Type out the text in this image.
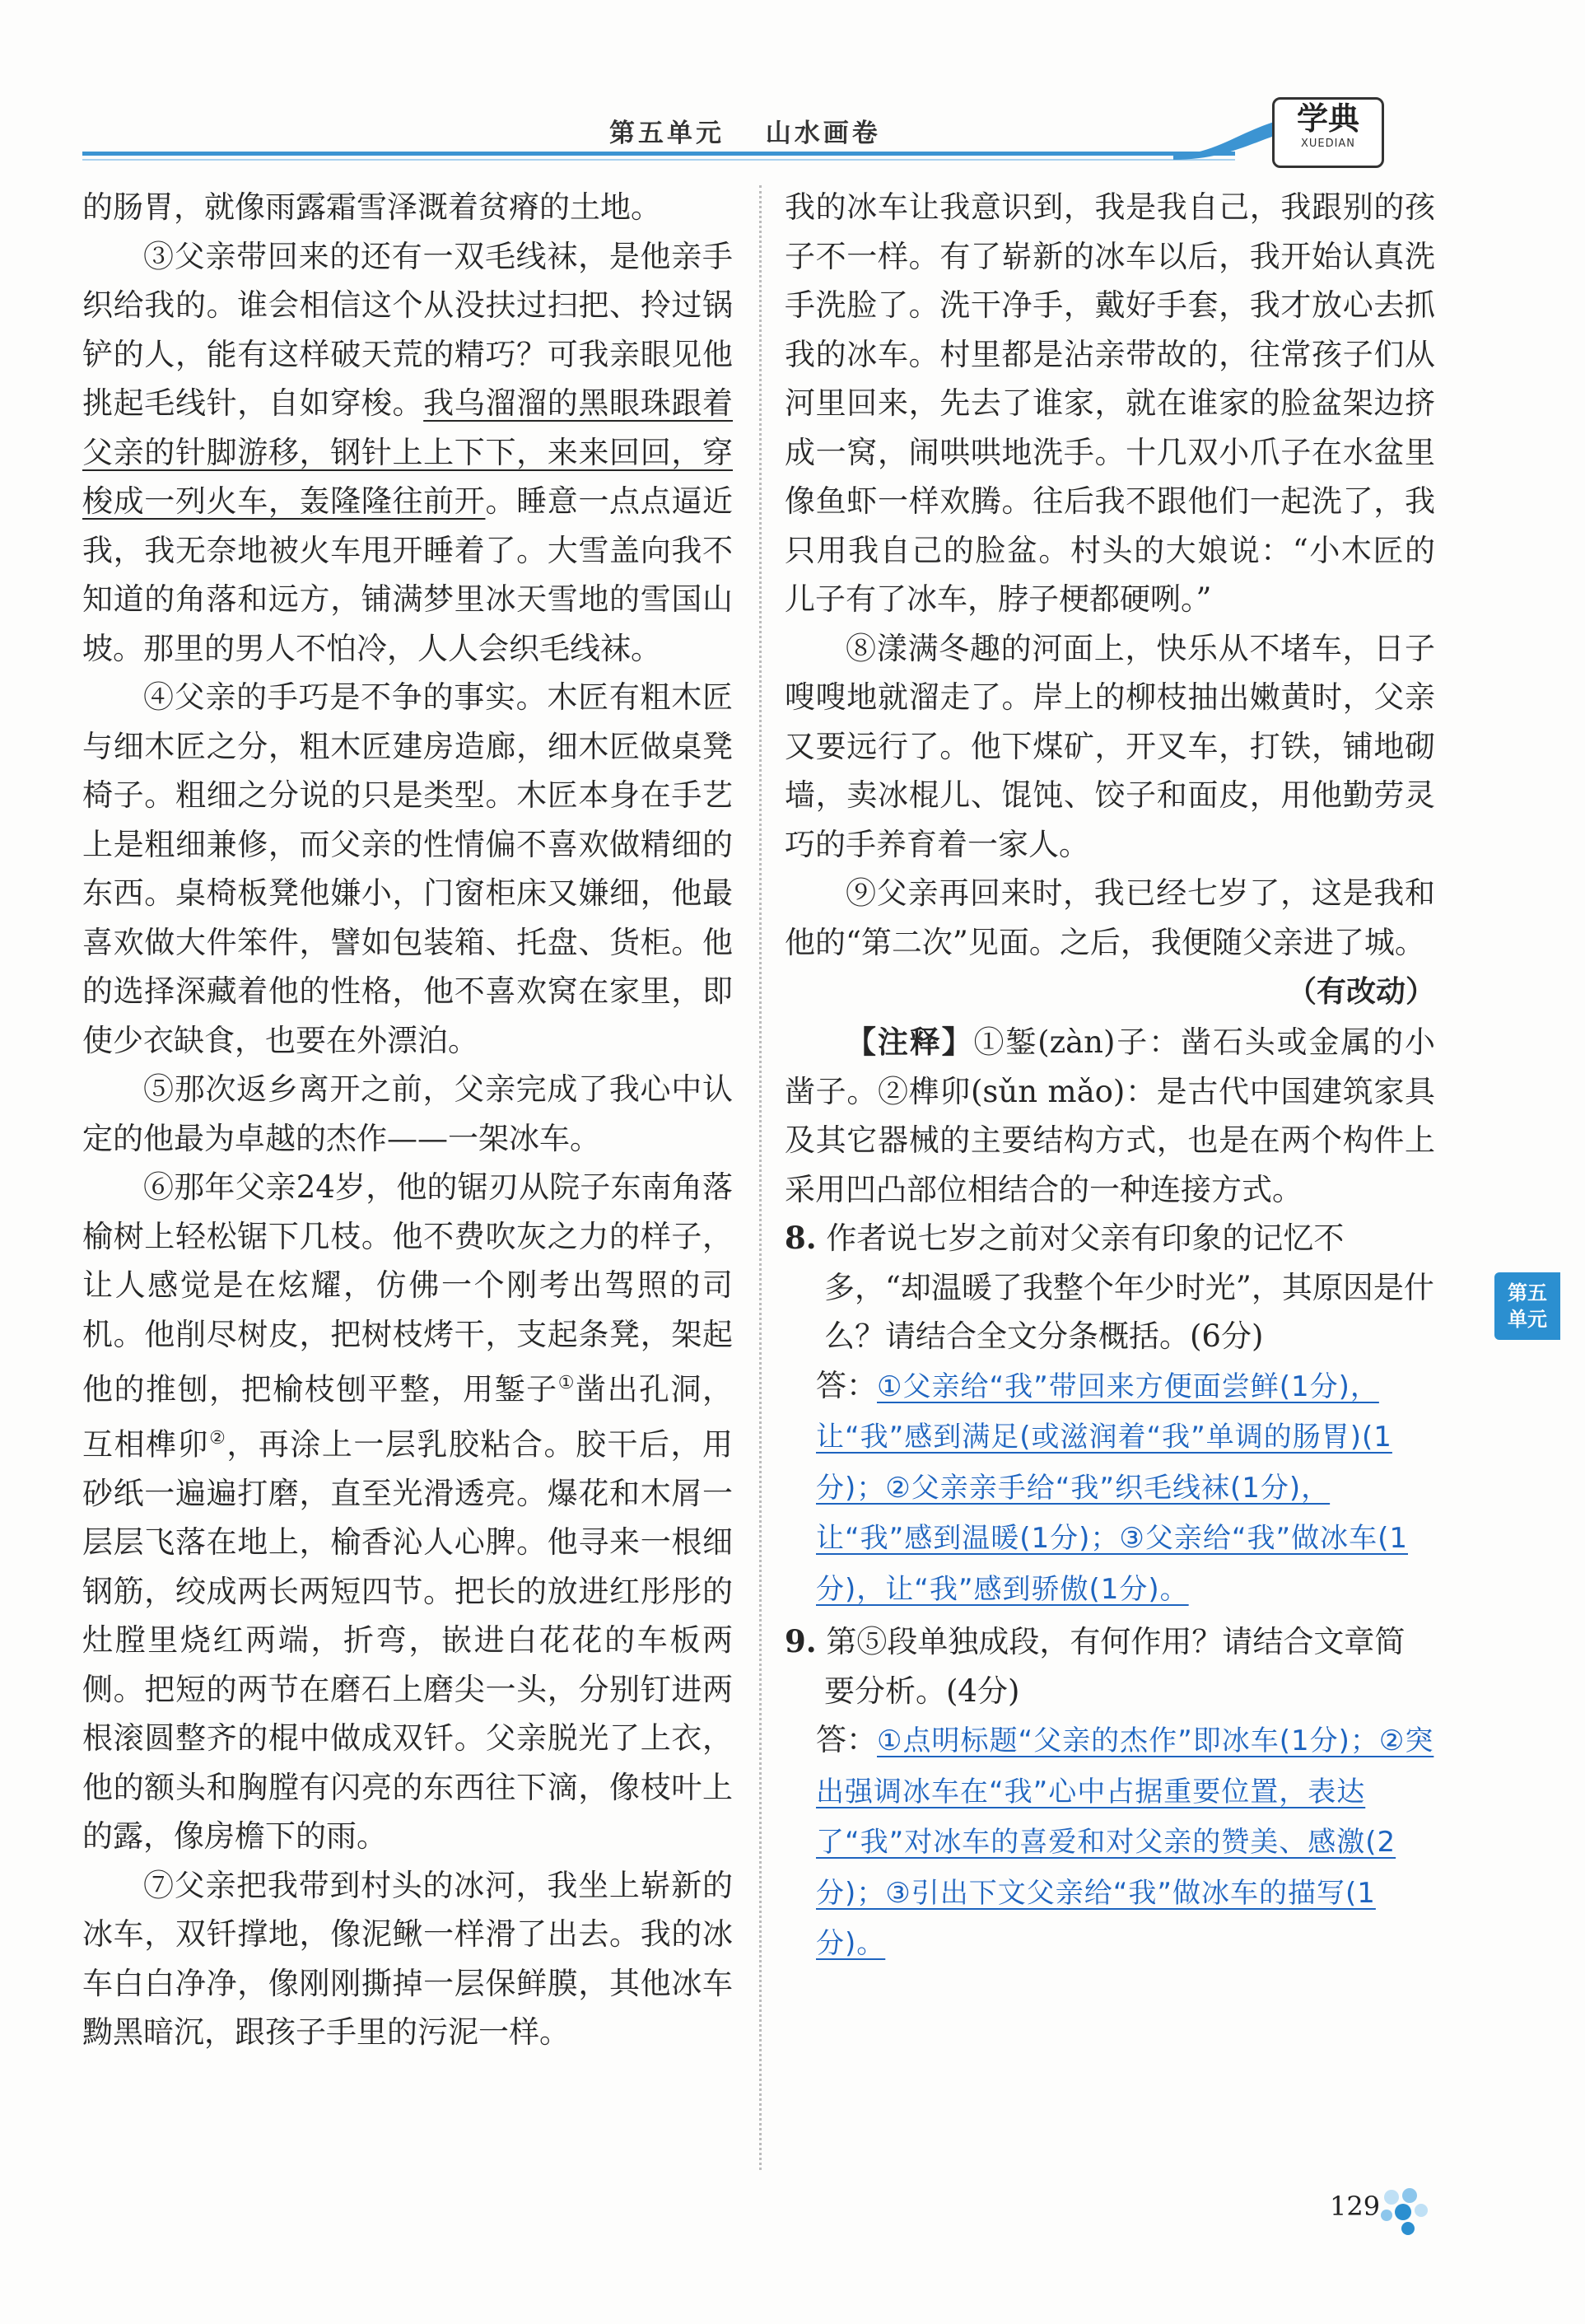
第五单元　 山水画卷	学典
XUEDIAN

的肠胃，就像雨露霜雪泽溉着贫瘠的土地。

③父亲带回来的还有一双毛线袜，是他亲手织给我的。谁会相信这个从没扶过扫把、拎过锅铲的人，能有这样破天荒的精巧？可我亲眼见他挑起毛线针，自如穿梭。我乌溜溜的黑眼珠跟着父亲的针脚游移，钢针上上下下，来来回回，穿梭成一列火车，轰隆隆往前开。睡意一点点逼近我，我无奈地被火车甩开睡着了。大雪盖向我不知道的角落和远方，铺满梦里冰天雪地的雪国山坡。那里的男人不怕冷，人人会织毛线袜。

④父亲的手巧是不争的事实。木匠有粗木匠与细木匠之分，粗木匠建房造廊，细木匠做桌凳椅子。粗细之分说的只是类型。木匠本身在手艺上是粗细兼修，而父亲的性情偏不喜欢做精细的东西。桌椅板凳他嫌小，门窗柜床又嫌细，他最喜欢做大件笨件，譬如包装箱、托盘、货柜。他的选择深藏着他的性格，他不喜欢窝在家里，即使少衣缺食，也要在外漂泊。

⑤那次返乡离开之前，父亲完成了我心中认定的他最为卓越的杰作——一架冰车。

⑥那年父亲24岁，他的锯刃从院子东南角落榆树上轻松锯下几枝。他不费吹灰之力的样子，让人感觉是在炫耀，仿佛一个刚考出驾照的司机。他削尽树皮，把树枝烤干，支起条凳，架起他的推刨，把榆枝刨平整，用錾子①凿出孔洞，互相榫卯②，再涂上一层乳胶粘合。胶干后，用砂纸一遍遍打磨，直至光滑透亮。爆花和木屑一层层飞落在地上，榆香沁人心脾。他寻来一根细钢筋，绞成两长两短四节。把长的放进红彤彤的灶膛里烧红两端，折弯，嵌进白花花的车板两侧。把短的两节在磨石上磨尖一头，分别钉进两根滚圆整齐的棍中做成双钎。父亲脱光了上衣，他的额头和胸膛有闪亮的东西往下滴，像枝叶上的露，像房檐下的雨。

⑦父亲把我带到村头的冰河，我坐上崭新的冰车，双钎撑地，像泥鳅一样滑了出去。我的冰车白白净净，像刚刚撕掉一层保鲜膜，其他冰车黝黑暗沉，跟孩子手里的污泥一样。

我的冰车让我意识到，我是我自己，我跟别的孩子不一样。有了崭新的冰车以后，我开始认真洗手洗脸了。洗干净手，戴好手套，我才放心去抓我的冰车。村里都是沾亲带故的，往常孩子们从河里回来，先去了谁家，就在谁家的脸盆架边挤成一窝，闹哄哄地洗手。十几双小爪子在水盆里像鱼虾一样欢腾。往后我不跟他们一起洗了，我只用我自己的脸盆。村头的大娘说：“小木匠的儿子有了冰车，脖子梗都硬咧。”

⑧漾满冬趣的河面上，快乐从不堵车，日子嗖嗖地就溜走了。岸上的柳枝抽出嫩黄时，父亲又要远行了。他下煤矿，开叉车，打铁，铺地砌墙，卖冰棍儿、馄饨、饺子和面皮，用他勤劳灵巧的手养育着一家人。

⑨父亲再回来时，我已经七岁了，这是我和他的“第二次”见面。之后，我便随父亲进了城。

（有改动）

【注释】①錾(zàn)子：凿石头或金属的小凿子。②榫卯(sǔn mǎo)：是古代中国建筑家具及其它器械的主要结构方式，也是在两个构件上采用凹凸部位相结合的一种连接方式。

8. 作者说七岁之前对父亲有印象的记忆不多，“却温暖了我整个年少时光”，其原因是什么？请结合全文分条概括。(6分)

答：①父亲给“我”带回来方便面尝鲜(1分)，让“我”感到满足(或滋润着“我”单调的肠胃)(1分)；②父亲亲手给“我”织毛线袜(1分)，让“我”感到温暖(1分)；③父亲给“我”做冰车(1分)，让“我”感到骄傲(1分)。

9. 第⑤段单独成段，有何作用？请结合文章简要分析。(4分)

答：①点明标题“父亲的杰作”即冰车(1分)；②突出强调冰车在“我”心中占据重要位置，表达了“我”对冰车的喜爱和对父亲的赞美、感激(2分)；③引出下文父亲给“我”做冰车的描写(1分)。

第五
单元
129
